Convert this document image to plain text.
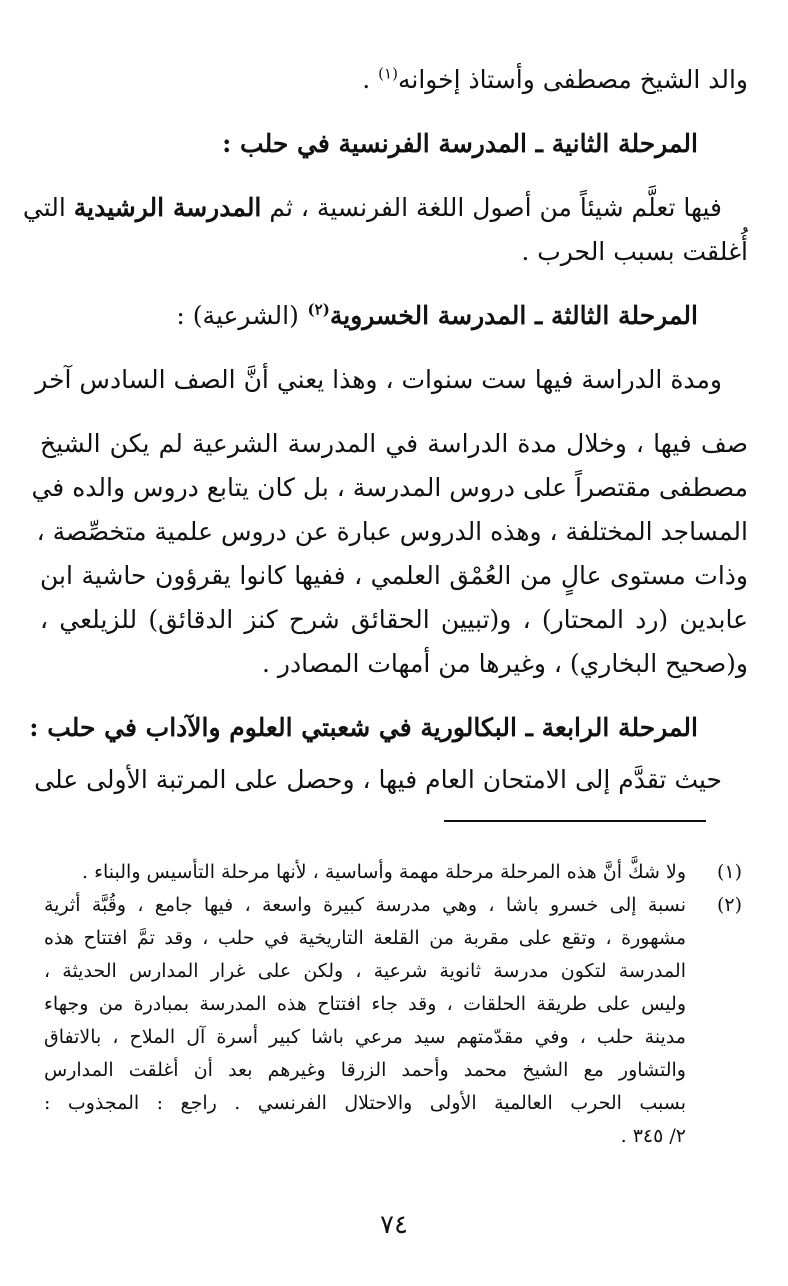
والد الشيخ مصطفى وأستاذ إخوانه$^{(١)}$ .
المرحلة الثانية ـ المدرسة الفرنسية في حلب :
فيها تعلَّم شيئاً من أصول اللغة الفرنسية ، ثم المدرسة الرشيدية التي
أُغلقت بسبب الحرب .
المرحلة الثالثة ـ المدرسة الخسروية$^{(٢)}$ (الشرعية) :
ومدة الدراسة فيها ست سنوات ، وهذا يعني أنَّ الصف السادس آخر
صف فيها ، وخلال مدة الدراسة في المدرسة الشرعية لم يكن الشيخ
مصطفى مقتصراً على دروس المدرسة ، بل كان يتابع دروس والده في
المساجد المختلفة ، وهذه الدروس عبارة عن دروس علمية متخصِّصة ،
وذات مستوى عالٍ من العُمْق العلمي ، ففيها كانوا يقرؤون حاشية ابن
عابدين (رد المحتار) ، و(تبيين الحقائق شرح كنز الدقائق) للزيلعي ،
و(صحيح البخاري) ، وغيرها من أمهات المصادر .
المرحلة الرابعة ـ البكالورية في شعبتي العلوم والآداب في حلب :
حيث تقدَّم إلى الامتحان العام فيها ، وحصل على المرتبة الأولى على
(١)
ولا شكَّ أنَّ هذه المرحلة مرحلة مهمة وأساسية ، لأنها مرحلة التأسيس والبناء .
(٢)
نسبة إلى خسرو باشا ، وهي مدرسة كبيرة واسعة ، فيها جامع ، وقُبَّة أثرية
مشهورة ، وتقع على مقربة من القلعة التاريخية في حلب ، وقد تمَّ افتتاح هذه
المدرسة لتكون مدرسة ثانوية شرعية ، ولكن على غرار المدارس الحديثة ،
وليس على طريقة الحلقات ، وقد جاء افتتاح هذه المدرسة بمبادرة من وجهاء
مدينة حلب ، وفي مقدّمتهم سيد مرعي باشا كبير أسرة آل الملاح ، بالاتفاق
والتشاور مع الشيخ محمد وأحمد الزرقا وغيرهم بعد أن أغلقت المدارس
بسبب الحرب العالمية الأولى والاحتلال الفرنسي . راجع : المجذوب :
٢/ ٣٤٥ .
٧٤
